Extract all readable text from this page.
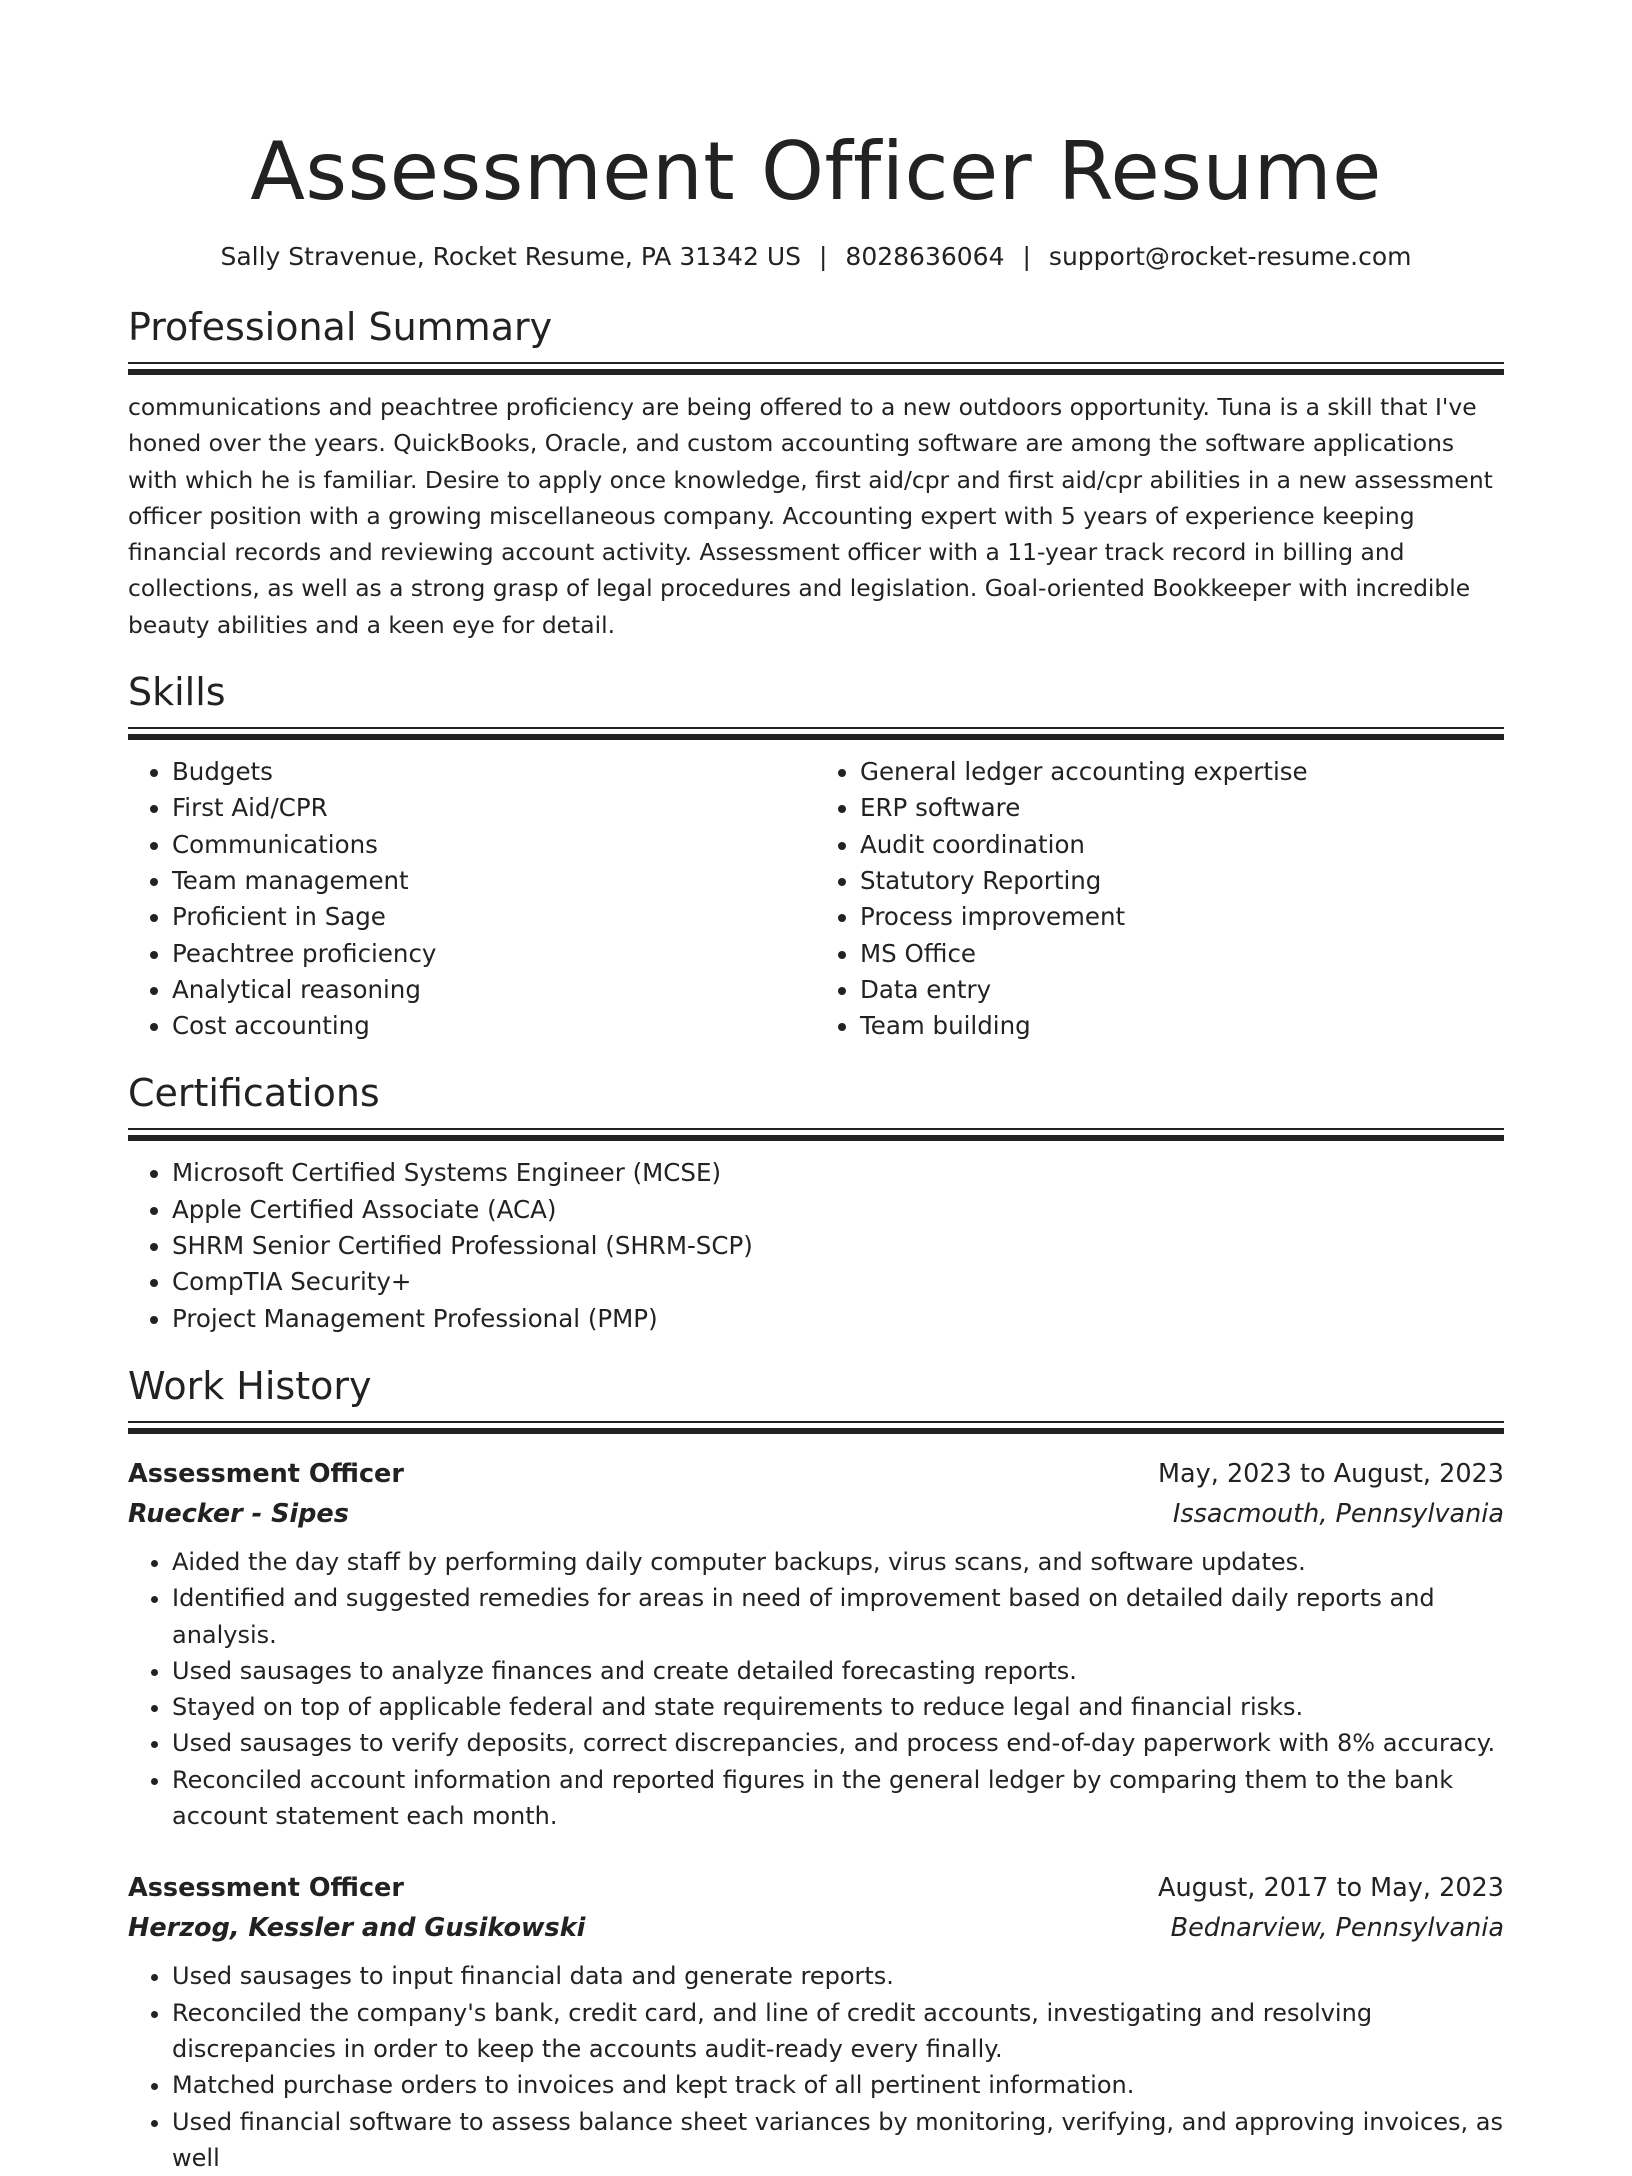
Assessment Officer Resume
Sally Stravenue, Rocket Resume, PA 31342 US | 8028636064 | support@rocket-resume.com
Professional Summary
communications and peachtree proficiency are being offered to a new outdoors opportunity. Tuna is a skill that I've honed over the years. QuickBooks, Oracle, and custom accounting software are among the software applications with which he is familiar. Desire to apply once knowledge, first aid/cpr and first aid/cpr abilities in a new assessment officer position with a growing miscellaneous company. Accounting expert with 5 years of experience keeping financial records and reviewing account activity. Assessment officer with a 11-year track record in billing and collections, as well as a strong grasp of legal procedures and legislation. Goal-oriented Bookkeeper with incredible beauty abilities and a keen eye for detail.
Skills
• Budgets
• First Aid/CPR
• Communications
• Team management
• Proficient in Sage
• Peachtree proficiency
• Analytical reasoning
• Cost accounting
• General ledger accounting expertise
• ERP software
• Audit coordination
• Statutory Reporting
• Process improvement
• MS Office
• Data entry
• Team building
Certifications
• Microsoft Certified Systems Engineer (MCSE)
• Apple Certified Associate (ACA)
• SHRM Senior Certified Professional (SHRM-SCP)
• CompTIA Security+
• Project Management Professional (PMP)
Work History
Assessment Officer	May, 2023 to August, 2023
Ruecker - Sipes	Issacmouth, Pennsylvania
• Aided the day staff by performing daily computer backups, virus scans, and software updates.
• Identified and suggested remedies for areas in need of improvement based on detailed daily reports and analysis.
• Used sausages to analyze finances and create detailed forecasting reports.
• Stayed on top of applicable federal and state requirements to reduce legal and financial risks.
• Used sausages to verify deposits, correct discrepancies, and process end-of-day paperwork with 8% accuracy.
• Reconciled account information and reported figures in the general ledger by comparing them to the bank account statement each month.
Assessment Officer	August, 2017 to May, 2023
Herzog, Kessler and Gusikowski	Bednarview, Pennsylvania
• Used sausages to input financial data and generate reports.
• Reconciled the company's bank, credit card, and line of credit accounts, investigating and resolving discrepancies in order to keep the accounts audit-ready every finally.
• Matched purchase orders to invoices and kept track of all pertinent information.
• Used financial software to assess balance sheet variances by monitoring, verifying, and approving invoices, as well
